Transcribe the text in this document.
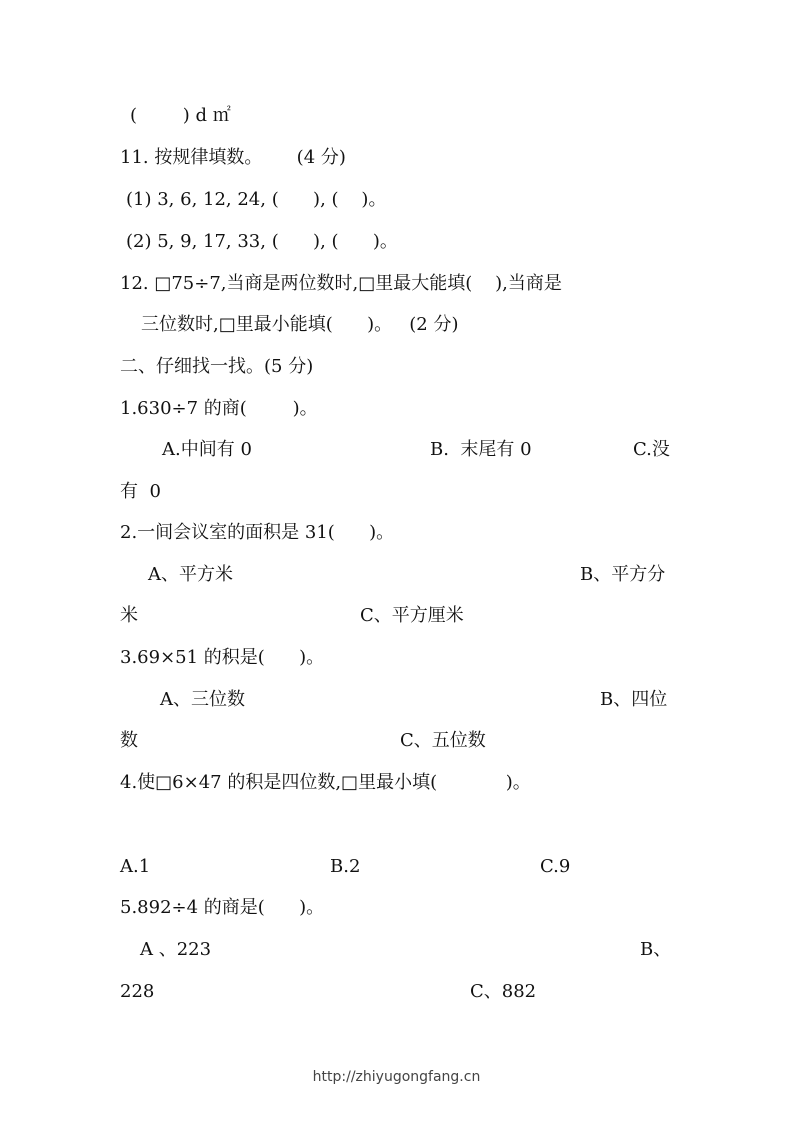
(        ) d ㎡
11. 按规律填数。      (4 分)
(1) 3, 6, 12, 24, (      ), (    )。
(2) 5, 9, 17, 33, (      ), (      )。
12. □75÷7,当商是两位数时,□里最大能填(    ),当商是
三位数时,□里最小能填(      )。   (2 分)
二、仔细找一找。(5 分)
1.630÷7 的商(        )。
A.中间有 0	B.  末尾有 0	C.没
有  0
2.一间会议室的面积是 31(      )。
A、平方米	B、平方分
米	C、平方厘米
3.69×51 的积是(      )。
A、三位数	B、四位
数	C、五位数
4.使□6×47 的积是四位数,□里最小填(            )。
A.1	B.2	C.9
5.892÷4 的商是(      )。
A 、223	B、
228	C、882
http://zhiyugongfang.cn
